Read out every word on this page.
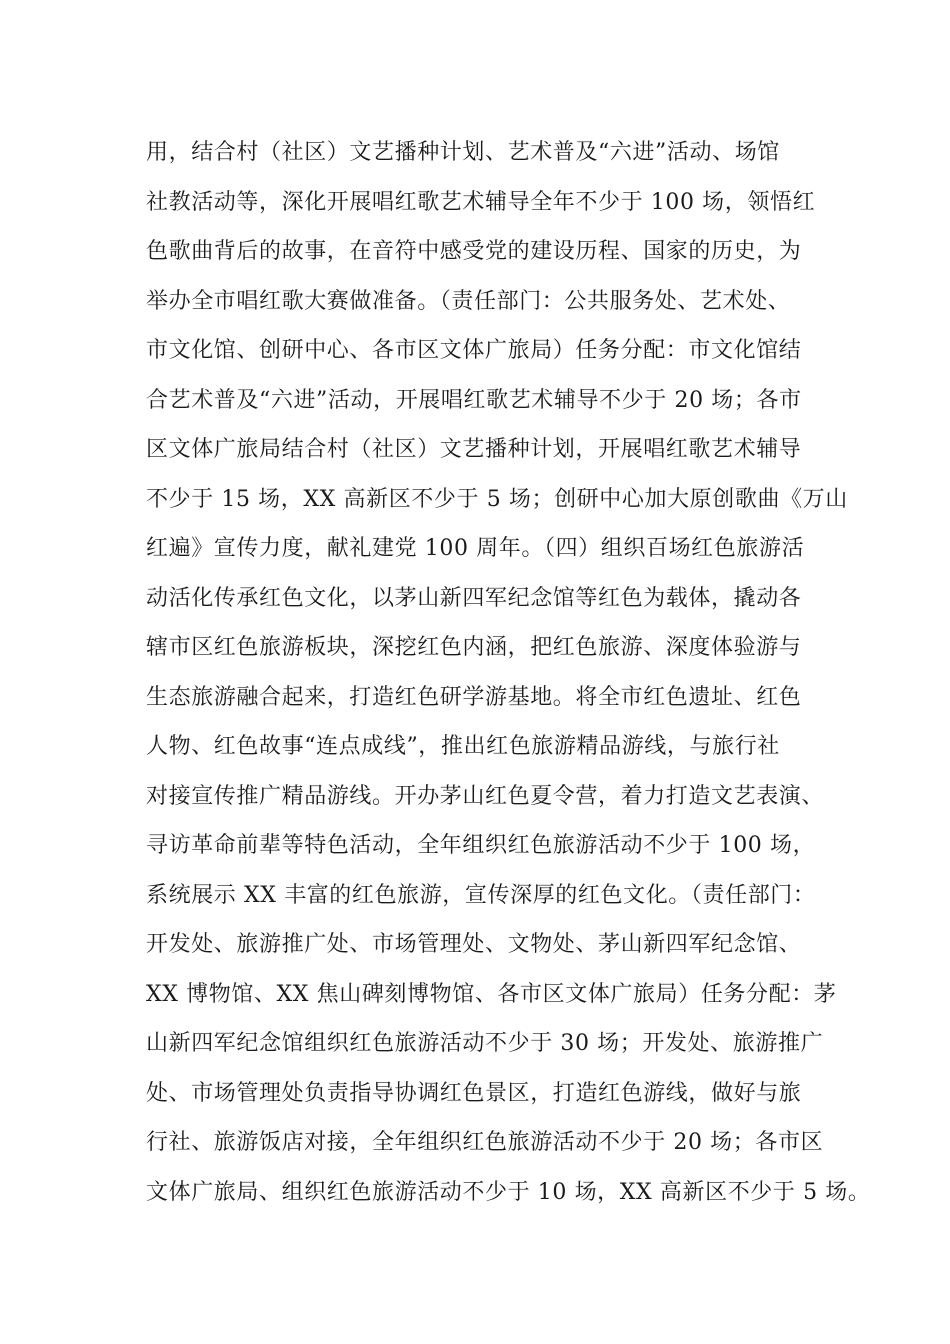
用，结合村（社区）文艺播种计划、艺术普及“六进”活动、场馆
社教活动等，深化开展唱红歌艺术辅导全年不少于 100 场，领悟红
色歌曲背后的故事，在音符中感受党的建设历程、国家的历史，为
举办全市唱红歌大赛做准备。（责任部门：公共服务处、艺术处、
市文化馆、创研中心、各市区文体广旅局）任务分配：市文化馆结
合艺术普及“六进”活动，开展唱红歌艺术辅导不少于 20 场；各市
区文体广旅局结合村（社区）文艺播种计划，开展唱红歌艺术辅导
不少于 15 场，XX 高新区不少于 5 场；创研中心加大原创歌曲《万山
红遍》宣传力度，献礼建党 100 周年。（四）组织百场红色旅游活
动活化传承红色文化，以茅山新四军纪念馆等红色为载体，撬动各
辖市区红色旅游板块，深挖红色内涵，把红色旅游、深度体验游与
生态旅游融合起来，打造红色研学游基地。将全市红色遗址、红色
人物、红色故事“连点成线”，推出红色旅游精品游线，与旅行社
对接宣传推广精品游线。开办茅山红色夏令营，着力打造文艺表演、
寻访革命前辈等特色活动，全年组织红色旅游活动不少于 100 场，
系统展示 XX 丰富的红色旅游，宣传深厚的红色文化。（责任部门：
开发处、旅游推广处、市场管理处、文物处、茅山新四军纪念馆、
XX 博物馆、XX 焦山碑刻博物馆、各市区文体广旅局）任务分配：茅
山新四军纪念馆组织红色旅游活动不少于 30 场；开发处、旅游推广
处、市场管理处负责指导协调红色景区，打造红色游线，做好与旅
行社、旅游饭店对接，全年组织红色旅游活动不少于 20 场；各市区
文体广旅局、组织红色旅游活动不少于 10 场，XX 高新区不少于 5 场。
